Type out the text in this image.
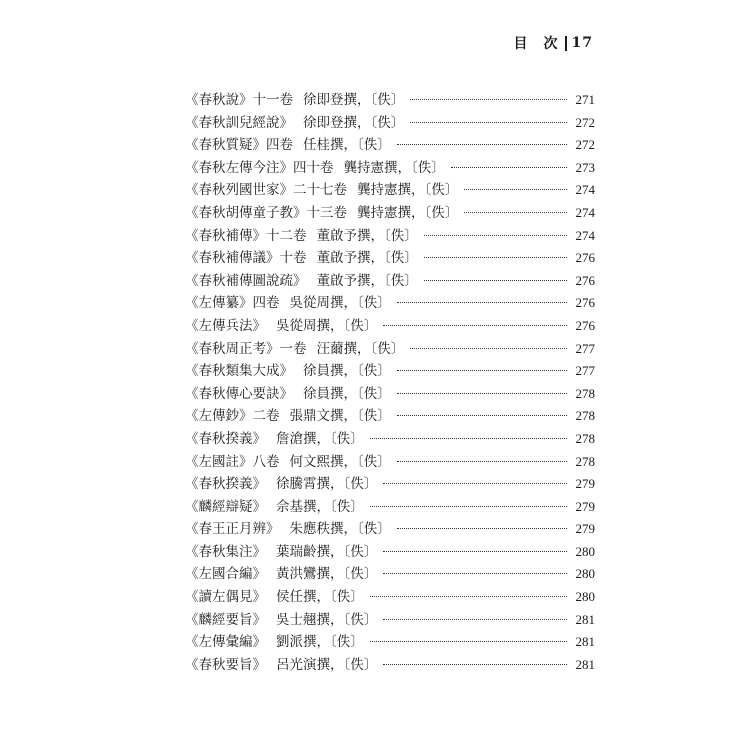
目　次 17
《春秋說》十一卷 徐即登撰，〔佚〕	271
《春秋訓兒經說》 徐即登撰，〔佚〕	272
《春秋質疑》四卷 任桂撰，〔佚〕	272
《春秋左傳今注》四十卷 龔持憲撰，〔佚〕	273
《春秋列國世家》二十七卷 龔持憲撰，〔佚〕	274
《春秋胡傳童子教》十三卷 龔持憲撰，〔佚〕	274
《春秋補傳》十二卷 董啟予撰，〔佚〕	274
《春秋補傳議》十卷 董啟予撰，〔佚〕	276
《春秋補傳圖說疏》 董啟予撰，〔佚〕	276
《左傳纂》四卷 吳從周撰，〔佚〕	276
《左傳兵法》 吳從周撰，〔佚〕	276
《春秋周正考》一卷 汪薾撰，〔佚〕	277
《春秋類集大成》 徐員撰，〔佚〕	277
《春秋傳心要訣》 徐員撰，〔佚〕	278
《左傳鈔》二卷 張鼎文撰，〔佚〕	278
《春秋揆義》 詹滄撰，〔佚〕	278
《左國註》八卷 何文熙撰，〔佚〕	278
《春秋揆義》 徐騰霄撰，〔佚〕	279
《麟經辯疑》 佘基撰，〔佚〕	279
《春王正月辨》 朱應秩撰，〔佚〕	279
《春秋集注》 葉瑞齡撰，〔佚〕	280
《左國合編》 黃洪鸞撰，〔佚〕	280
《讀左偶見》 侯任撰，〔佚〕	280
《麟經要旨》 吳士翹撰，〔佚〕	281
《左傳彙編》 劉派撰，〔佚〕	281
《春秋要旨》 呂光演撰，〔佚〕	281
